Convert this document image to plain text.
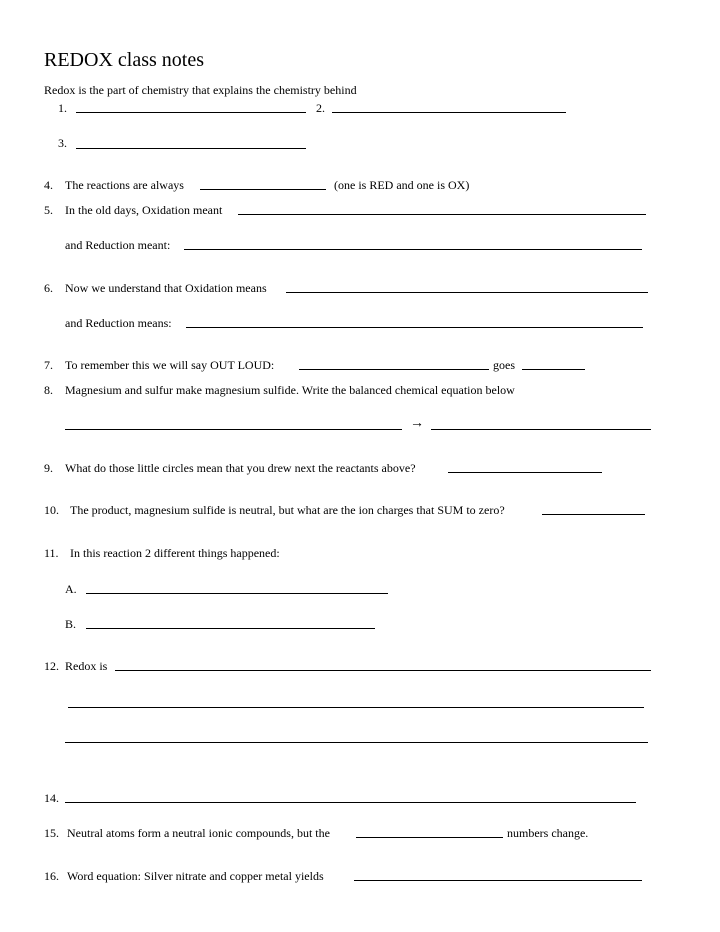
REDOX class notes
Redox is the part of chemistry that explains the chemistry behind
1.	2.
3.
4. The reactions are always	(one is RED and one is OX)
5. In the old days, Oxidation meant
and Reduction meant:
6. Now we understand that Oxidation means
and Reduction means:
7. To remember this we will say OUT LOUD:	goes
8. Magnesium and sulfur make magnesium sulfide. Write the balanced chemical equation below
→
9. What do those little circles mean that you drew next the reactants above?
10. The product, magnesium sulfide is neutral, but what are the ion charges that SUM to zero?
11. In this reaction 2 different things happened:
A.
B.
12. Redox is
14.
15. Neutral atoms form a neutral ionic compounds, but the	numbers change.
16. Word equation: Silver nitrate and copper metal yields
